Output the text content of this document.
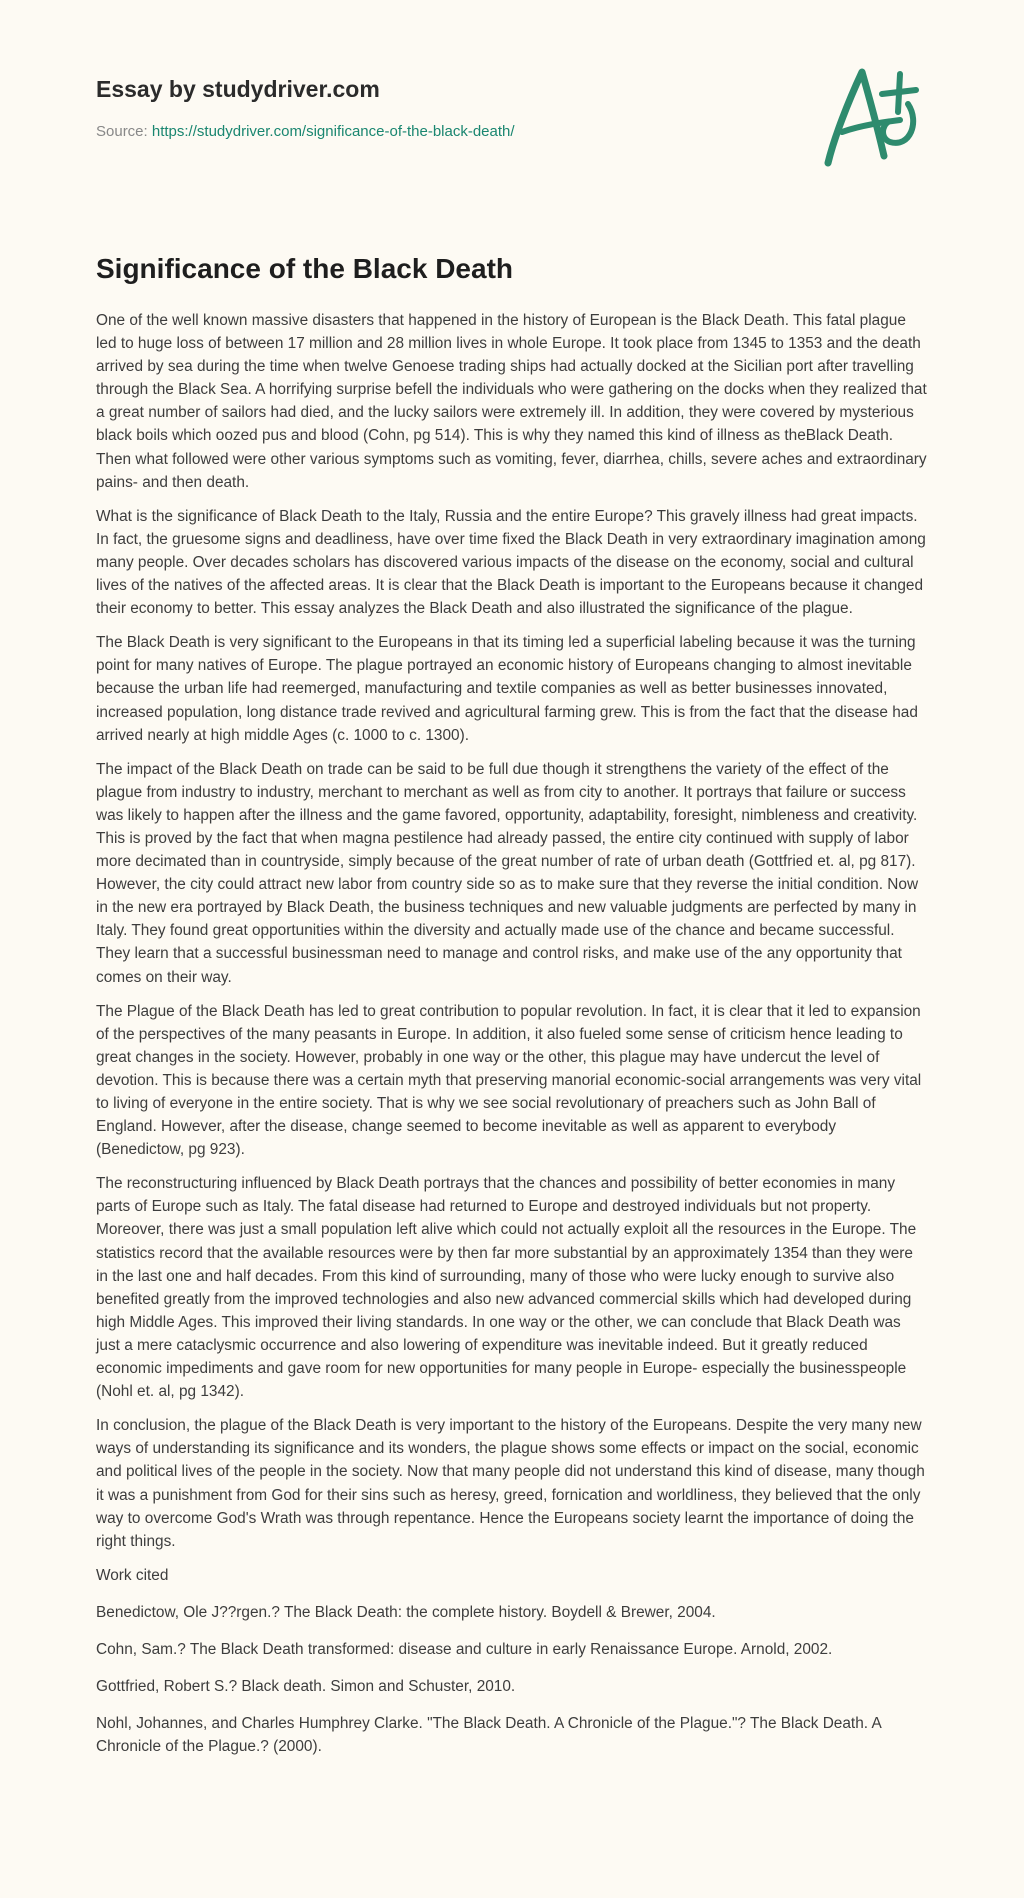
Essay by studydriver.com
Source: https://studydriver.com/significance-of-the-black-death/
Significance of the Black Death

One of the well known massive disasters that happened in the history of European is the Black Death. This fatal plague led to huge loss of between 17 million and 28 million lives in whole Europe. It took place from 1345 to 1353 and the death arrived by sea during the time when twelve Genoese trading ships had actually docked at the Sicilian port after travelling through the Black Sea. A horrifying surprise befell the individuals who were gathering on the docks when they realized that a great number of sailors had died, and the lucky sailors were extremely ill. In addition, they were covered by mysterious black boils which oozed pus and blood (Cohn, pg 514). This is why they named this kind of illness as theBlack Death. Then what followed were other various symptoms such as vomiting, fever, diarrhea, chills, severe aches and extraordinary pains- and then death.

What is the significance of Black Death to the Italy, Russia and the entire Europe? This gravely illness had great impacts. In fact, the gruesome signs and deadliness, have over time fixed the Black Death in very extraordinary imagination among many people. Over decades scholars has discovered various impacts of the disease on the economy, social and cultural lives of the natives of the affected areas. It is clear that the Black Death is important to the Europeans because it changed their economy to better. This essay analyzes the Black Death and also illustrated the significance of the plague.

The Black Death is very significant to the Europeans in that its timing led a superficial labeling because it was the turning point for many natives of Europe. The plague portrayed an economic history of Europeans changing to almost inevitable because the urban life had reemerged, manufacturing and textile companies as well as better businesses innovated, increased population, long distance trade revived and agricultural farming grew. This is from the fact that the disease had arrived nearly at high middle Ages (c. 1000 to c. 1300).

The impact of the Black Death on trade can be said to be full due though it strengthens the variety of the effect of the plague from industry to industry, merchant to merchant as well as from city to another. It portrays that failure or success was likely to happen after the illness and the game favored, opportunity, adaptability, foresight, nimbleness and creativity. This is proved by the fact that when magna pestilence had already passed, the entire city continued with supply of labor more decimated than in countryside, simply because of the great number of rate of urban death (Gottfried et. al, pg 817). However, the city could attract new labor from country side so as to make sure that they reverse the initial condition. Now in the new era portrayed by Black Death, the business techniques and new valuable judgments are perfected by many in Italy. They found great opportunities within the diversity and actually made use of the chance and became successful. They learn that a successful businessman need to manage and control risks, and make use of the any opportunity that comes on their way.

The Plague of the Black Death has led to great contribution to popular revolution. In fact, it is clear that it led to expansion of the perspectives of the many peasants in Europe. In addition, it also fueled some sense of criticism hence leading to great changes in the society. However, probably in one way or the other, this plague may have undercut the level of devotion. This is because there was a certain myth that preserving manorial economic-social arrangements was very vital to living of everyone in the entire society. That is why we see social revolutionary of preachers such as John Ball of England. However, after the disease, change seemed to become inevitable as well as apparent to everybody (Benedictow, pg 923).

The reconstructuring influenced by Black Death portrays that the chances and possibility of better economies in many parts of Europe such as Italy. The fatal disease had returned to Europe and destroyed individuals but not property. Moreover, there was just a small population left alive which could not actually exploit all the resources in the Europe. The statistics record that the available resources were by then far more substantial by an approximately 1354 than they were in the last one and half decades. From this kind of surrounding, many of those who were lucky enough to survive also benefited greatly from the improved technologies and also new advanced commercial skills which had developed during high Middle Ages. This improved their living standards. In one way or the other, we can conclude that Black Death was just a mere cataclysmic occurrence and also lowering of expenditure was inevitable indeed. But it greatly reduced economic impediments and gave room for new opportunities for many people in Europe- especially the businesspeople (Nohl et. al, pg 1342).

In conclusion, the plague of the Black Death is very important to the history of the Europeans. Despite the very many new ways of understanding its significance and its wonders, the plague shows some effects or impact on the social, economic and political lives of the people in the society. Now that many people did not understand this kind of disease, many though it was a punishment from God for their sins such as heresy, greed, fornication and worldliness, they believed that the only way to overcome God's Wrath was through repentance. Hence the Europeans society learnt the importance of doing the right things.

Work cited

Benedictow, Ole J??rgen.? The Black Death: the complete history. Boydell & Brewer, 2004.

Cohn, Sam.? The Black Death transformed: disease and culture in early Renaissance Europe. Arnold, 2002.

Gottfried, Robert S.? Black death. Simon and Schuster, 2010.

Nohl, Johannes, and Charles Humphrey Clarke. "The Black Death. A Chronicle of the Plague."? The Black Death. A Chronicle of the Plague.? (2000).
